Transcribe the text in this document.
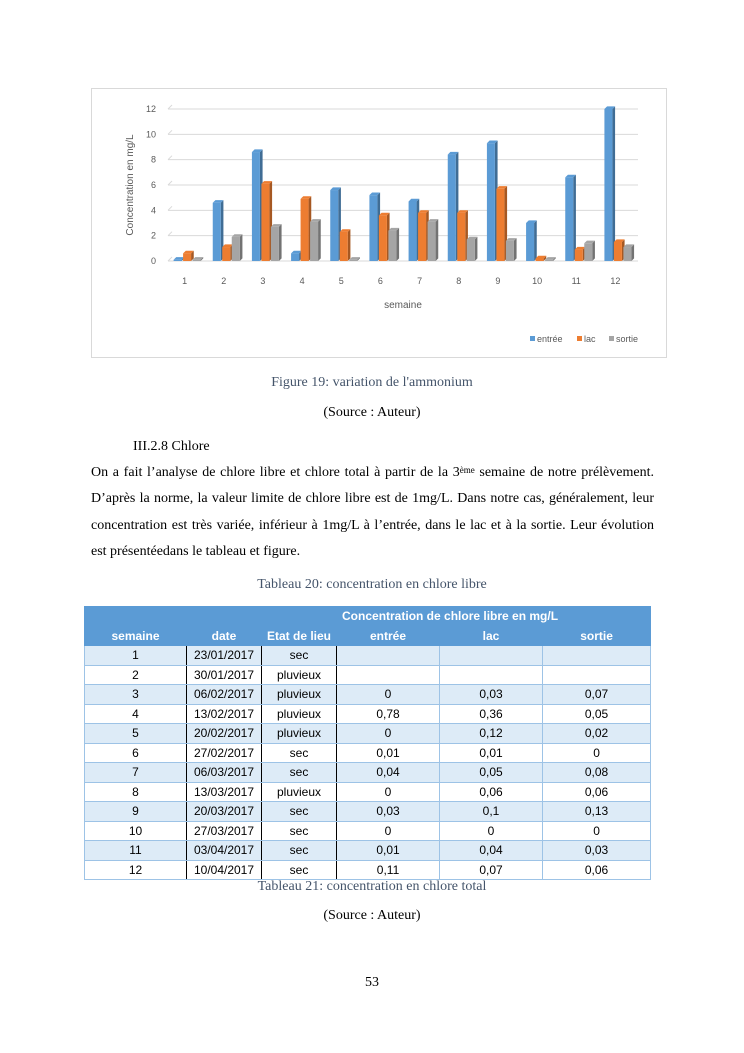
0
2
4
6
8
10
12
Concentration en mg/L
1	2	3	4	5	6	7	8	9	10	11	12
semaine
entrée lac sortie
Figure 19: variation de l'ammonium
(Source : Auteur)
III.2.8 Chlore
On a fait l’analyse de chlore libre et chlore total à partir de la 3ème semaine de notre prélèvement. D’après la norme, la valeur limite de chlore libre est de 1mg/L. Dans notre cas, généralement, leur concentration est très variée, inférieur à 1mg/L à l’entrée, dans le lac et à la sortie. Leur évolution est présentéedans le tableau et figure.
Tableau 20: concentration en chlore libre
			Concentration de chlore libre en mg/L		
semaine	date	Etat de lieu	entrée	lac	sortie
1	23/01/2017	sec			
2	30/01/2017	pluvieux			
3	06/02/2017	pluvieux	0	0,03	0,07
4	13/02/2017	pluvieux	0,78	0,36	0,05
5	20/02/2017	pluvieux	0	0,12	0,02
6	27/02/2017	sec	0,01	0,01	0
7	06/03/2017	sec	0,04	0,05	0,08
8	13/03/2017	pluvieux	0	0,06	0,06
9	20/03/2017	sec	0,03	0,1	0,13
10	27/03/2017	sec	0	0	0
11	03/04/2017	sec	0,01	0,04	0,03
12	10/04/2017	sec	0,11	0,07	0,06
Tableau 21: concentration en chlore total
(Source : Auteur)
53
